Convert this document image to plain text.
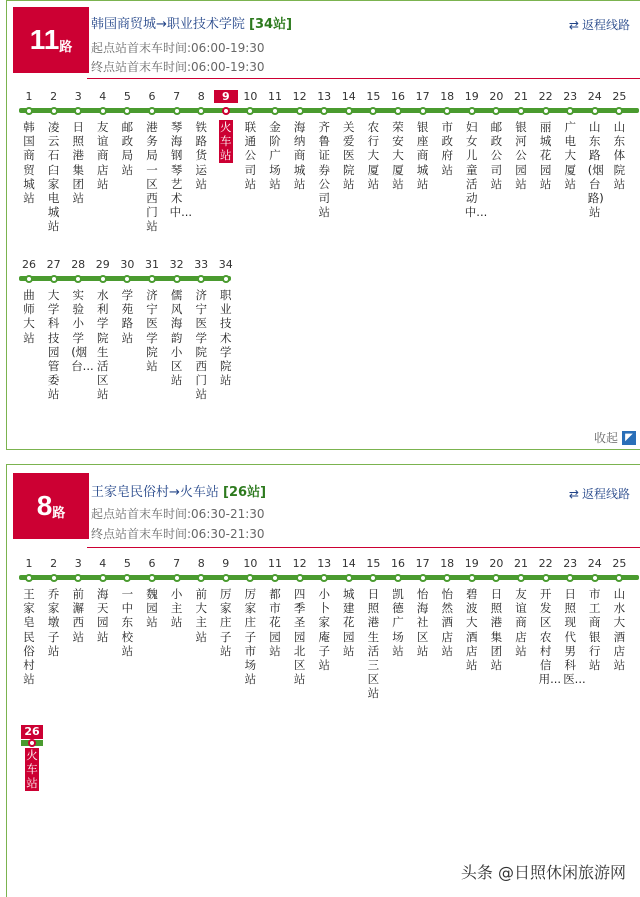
11 路
韩国商贸城→职业技术学院 [34站]
起点站首末车时间:06:00-19:30
终点站首末车时间:06:00-19:30
⇄ 返程线路
1
韩国商贸城站
2
凌云石臼家电城站
3
日照港集团站
4
友谊商店站
5
邮政局站
6
港务局一区西门站
7
琴海钢琴艺术中...
8
铁路货运站
9
火车站
10
联通公司站
11
金阶广场站
12
海纳商城站
13
齐鲁证券公司站
14
关爱医院站
15
农行大厦站
16
荣安大厦站
17
银座商城站
18
市政府站
19
妇女儿童活动中...
20
邮政公司站
21
银河公园站
22
丽城花园站
23
广电大厦站
24
山东路(烟台路)站
25
山东体院站
26
曲师大站
27
大学科技园管委站
28
实验小学(烟台...
29
水利学院生活区站
30
学苑路站
31
济宁医学院站
32
儒风海韵小区站
33
济宁医学院西门站
34
职业技术学院站
收起 ◤
8 路
王家皂民俗村→火车站 [26站]
起点站首末车时间:06:30-21:30
终点站首末车时间:06:30-21:30
⇄ 返程线路
1
王家皂民俗村站
2
乔家墩子站
3
前澥西站
4
海天园站
5
一中东校站
6
魏园站
7
小主站
8
前大主站
9
厉家庄子站
10
厉家庄子市场站
11
都市花园站
12
四季圣园北区站
13
小卜家庵子站
14
城建花园站
15
日照港生活三区站
16
凯德广场站
17
怡海社区站
18
怡然酒店站
19
碧波大酒店站
20
日照港集团站
21
友谊商店站
22
开发区农村信用...
23
日照现代男科医...
24
市工商银行站
25
山水大酒店站
26
火车站
头条 @日照休闲旅游网
